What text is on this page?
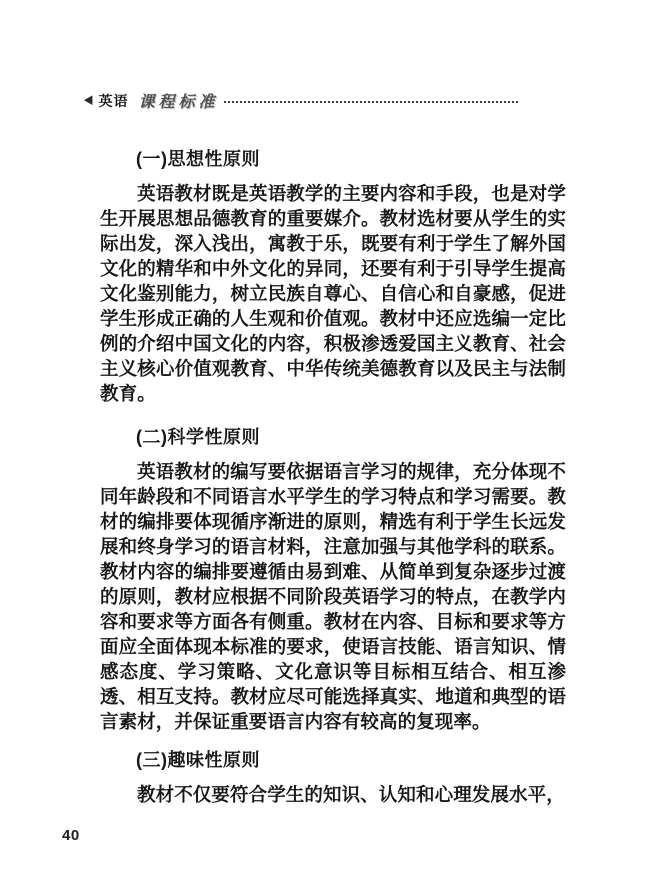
◀ 英语 课程标准
(一)思想性原则

英语教材既是英语教学的主要内容和手段，也是对学生开展思想品德教育的重要媒介。教材选材要从学生的实际出发，深入浅出，寓教于乐，既要有利于学生了解外国文化的精华和中外文化的异同，还要有利于引导学生提高文化鉴别能力，树立民族自尊心、自信心和自豪感，促进学生形成正确的人生观和价值观。教材中还应选编一定比例的介绍中国文化的内容，积极渗透爱国主义教育、社会主义核心价值观教育、中华传统美德教育以及民主与法制教育。

(二)科学性原则

英语教材的编写要依据语言学习的规律，充分体现不同年龄段和不同语言水平学生的学习特点和学习需要。教材的编排要体现循序渐进的原则，精选有利于学生长远发展和终身学习的语言材料，注意加强与其他学科的联系。教材内容的编排要遵循由易到难、从简单到复杂逐步过渡的原则，教材应根据不同阶段英语学习的特点，在教学内容和要求等方面各有侧重。教材在内容、目标和要求等方面应全面体现本标准的要求，使语言技能、语言知识、情感态度、学习策略、文化意识等目标相互结合、相互渗透、相互支持。教材应尽可能选择真实、地道和典型的语言素材，并保证重要语言内容有较高的复现率。

(三)趣味性原则

教材不仅要符合学生的知识、认知和心理发展水平，

40
